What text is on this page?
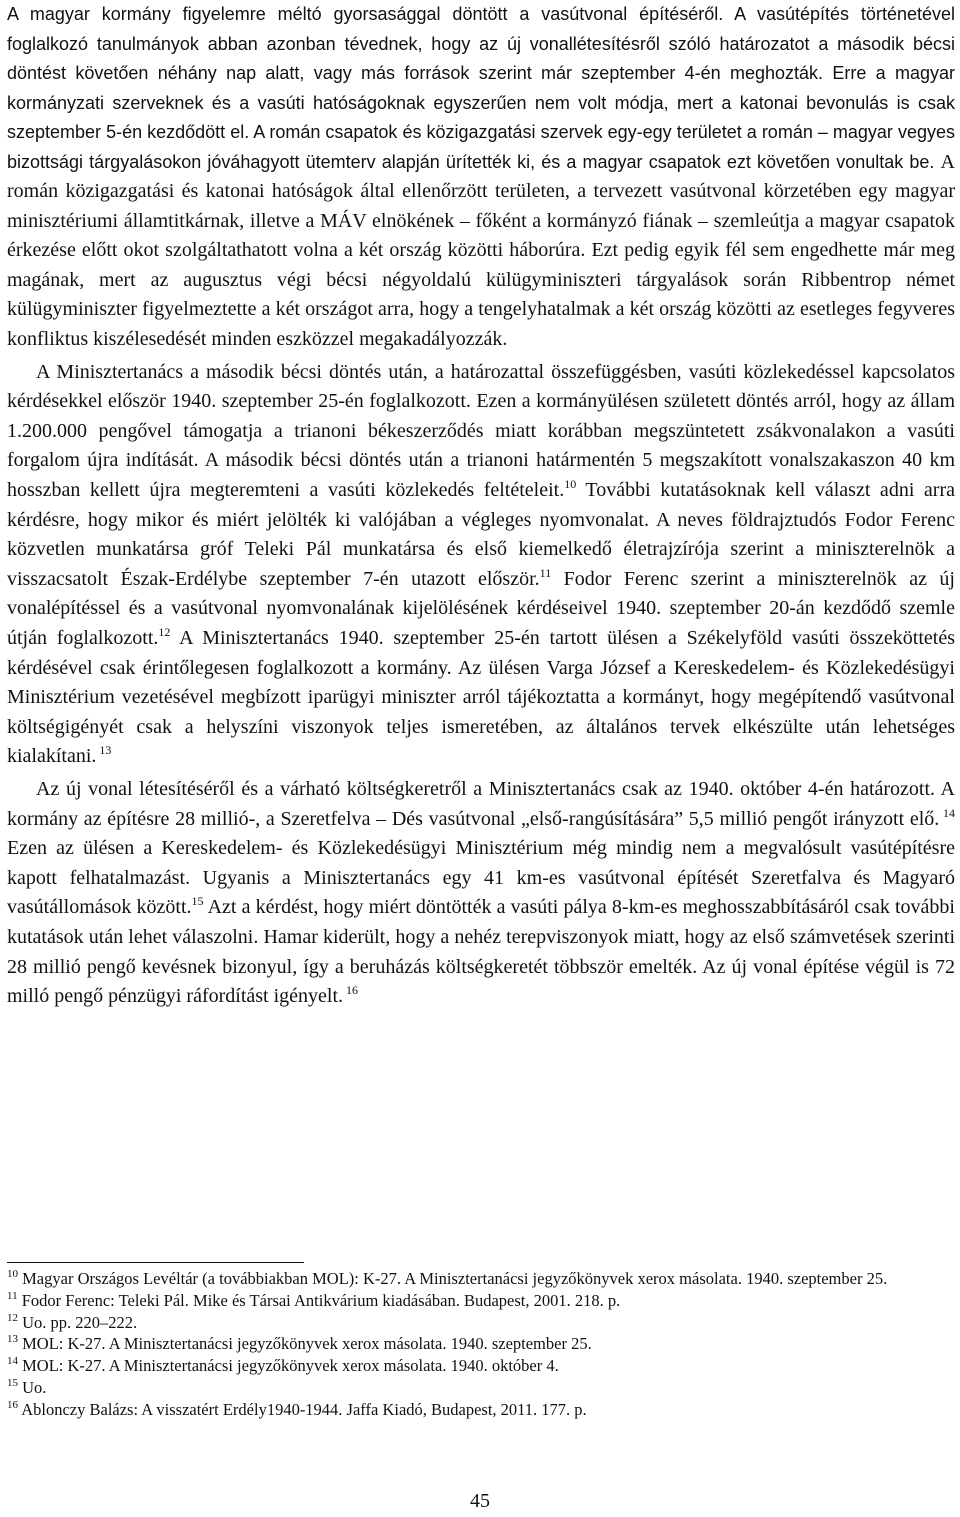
A magyar kormány figyelemre méltó gyorsasággal döntött a vasútvonal építéséről. A vasútépítés történetével foglalkozó tanulmányok abban azonban tévednek, hogy az új vonallétesítésről szóló határozatot a második bécsi döntést követően néhány nap alatt, vagy más források szerint már szeptember 4-én meghozták. Erre a magyar kormányzati szerveknek és a vasúti hatóságoknak egyszerűen nem volt módja, mert a katonai bevonulás is csak szeptember 5-én kezdődött el. A román csapatok és közigazgatási szervek egy-egy területet a román – magyar vegyes bizottsági tárgyalásokon jóváhagyott ütemterv alapján ürítették ki, és a magyar csapatok ezt követően vonultak be. A román közigazgatási és katonai hatóságok által ellenőrzött területen, a tervezett vasútvonal körzetében egy magyar minisztériumi államtitkárnak, illetve a MÁV elnökének – főként a kormányzó fiának – szemleútja a magyar csapatok érkezése előtt okot szolgáltathatott volna a két ország közötti háborúra. Ezt pedig egyik fél sem engedhette már meg magának, mert az augusztus végi bécsi négyoldalú külügyminiszteri tárgyalások során Ribbentrop német külügyminiszter figyelmeztette a két országot arra, hogy a tengelyhatalmak a két ország közötti az esetleges fegyveres konfliktus kiszélesedését minden eszközzel megakadályozzák.

A Minisztertanács a második bécsi döntés után, a határozattal összefüggésben, vasúti közlekedéssel kapcsolatos kérdésekkel először 1940. szeptember 25-én foglalkozott. Ezen a kormányülésen született döntés arról, hogy az állam 1.200.000 pengővel támogatja a trianoni békeszerződés miatt korábban megszüntetett zsákvonalakon a vasúti forgalom újra indítását. A második bécsi döntés után a trianoni határmentén 5 megszakított vonalszakaszon 40 km hosszban kellett újra megteremteni a vasúti közlekedés feltételeit.$^{10}$ További kutatásoknak kell választ adni arra kérdésre, hogy mikor és miért jelölték ki valójában a végleges nyomvonalat. A neves földrajztudós Fodor Ferenc közvetlen munkatársa gróf Teleki Pál munkatársa és első kiemelkedő életrajzírója szerint a miniszterelnök a visszacsatolt Észak-Erdélybe szeptember 7-én utazott először.$^{11}$ Fodor Ferenc szerint a miniszterelnök az új vonalépítéssel és a vasútvonal nyomvonalának kijelölésének kérdéseivel 1940. szeptember 20-án kezdődő szemle útján foglalkozott.$^{12}$ A Minisztertanács 1940. szeptember 25-én tartott ülésen a Székelyföld vasúti összeköttetés kérdésével csak érintőlegesen foglalkozott a kormány. Az ülésen Varga József a Kereskedelem- és Közlekedésügyi Minisztérium vezetésével megbízott iparügyi miniszter arról tájékoztatta a kormányt, hogy megépítendő vasútvonal költségigényét csak a helyszíni viszonyok teljes ismeretében, az általános tervek elkészülte után lehetséges kialakítani. $^{13}$

Az új vonal létesítéséről és a várható költségkeretről a Minisztertanács csak az 1940. október 4-én határozott. A kormány az építésre 28 millió-, a Szeretfelva – Dés vasútvonal „első-rangúsítására” 5,5 millió pengőt irányzott elő. $^{14}$ Ezen az ülésen a Kereskedelem- és Közlekedésügyi Minisztérium még mindig nem a megvalósult vasútépítésre kapott felhatalmazást. Ugyanis a Minisztertanács egy 41 km-es vasútvonal építését Szeretfalva és Magyaró vasútállomások között.$^{15}$ Azt a kérdést, hogy miért döntötték a vasúti pálya 8-km-es meghosszabbításáról csak további kutatások után lehet válaszolni. Hamar kiderült, hogy a nehéz terepviszonyok miatt, hogy az első számvetések szerinti 28 millió pengő kevésnek bizonyul, így a beruházás költségkeretét többször emelték. Az új vonal építése végül is 72 milló pengő pénzügyi ráfordítást igényelt. $^{16}$

$^{10}$ Magyar Országos Levéltár (a továbbiakban MOL): K-27. A Minisztertanácsi jegyzőkönyvek xerox másolata. 1940. szeptember 25.

$^{11}$ Fodor Ferenc: Teleki Pál. Mike és Társai Antikvárium kiadásában. Budapest, 2001. 218. p.

$^{12}$ Uo. pp. 220–222.

$^{13}$ MOL: K-27. A Minisztertanácsi jegyzőkönyvek xerox másolata. 1940. szeptember 25.

$^{14}$ MOL: K-27. A Minisztertanácsi jegyzőkönyvek xerox másolata. 1940. október 4.

$^{15}$ Uo.

$^{16}$ Ablonczy Balázs: A visszatért Erdély1940-1944. Jaffa Kiadó, Budapest, 2011. 177. p.

45
